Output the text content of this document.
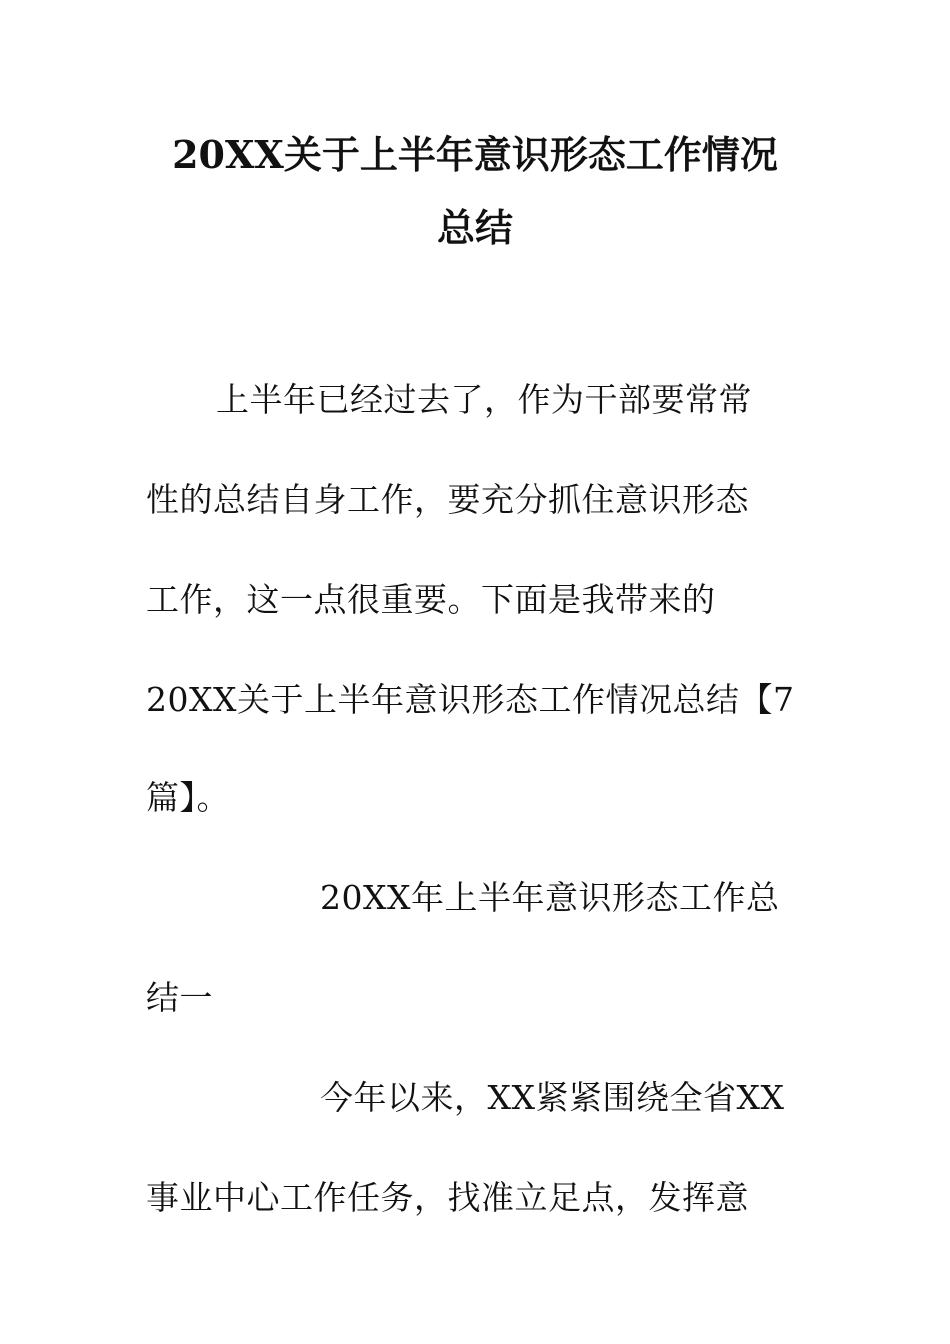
20XX关于上半年意识形态工作情况
总结
上半年已经过去了，作为干部要常常
性的总结自身工作，要充分抓住意识形态
工作，这一点很重要。下面是我带来的
20XX关于上半年意识形态工作情况总结【7
篇】。
20XX年上半年意识形态工作总
结一
今年以来，XX紧紧围绕全省XX
事业中心工作任务，找准立足点，发挥意
